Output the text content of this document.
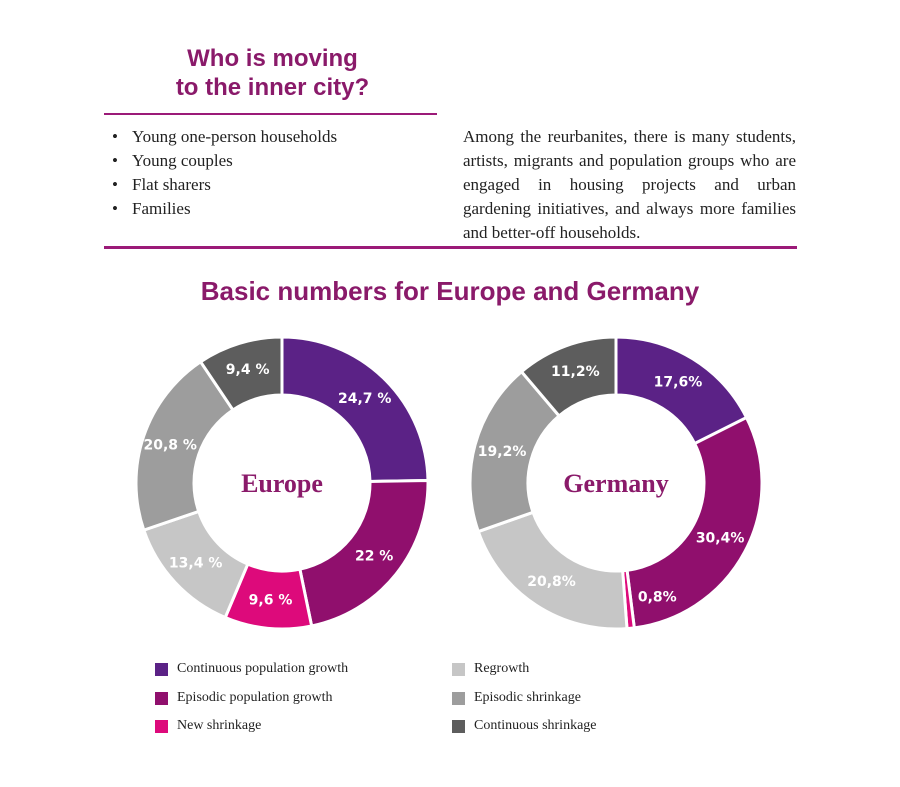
Who is moving
to the inner city?
• Young one-person households
• Young couples
• Flat sharers
• Families

Among the reurbanites, there is many students, artists, migrants and population groups who are engaged in housing projects and urban gardening initiatives, and always more families and better-off households.

Basic numbers for Europe and Germany
24,7 %
22 %
9,6 %
13,4 %
20,8 %
9,4 %
Europe
17,6%
30,4%
0,8%
20,8%
19,2%
11,2%
Germany
Continuous population growth
Episodic population growth
New shrinkage
Regrowth
Episodic shrinkage
Continuous shrinkage
